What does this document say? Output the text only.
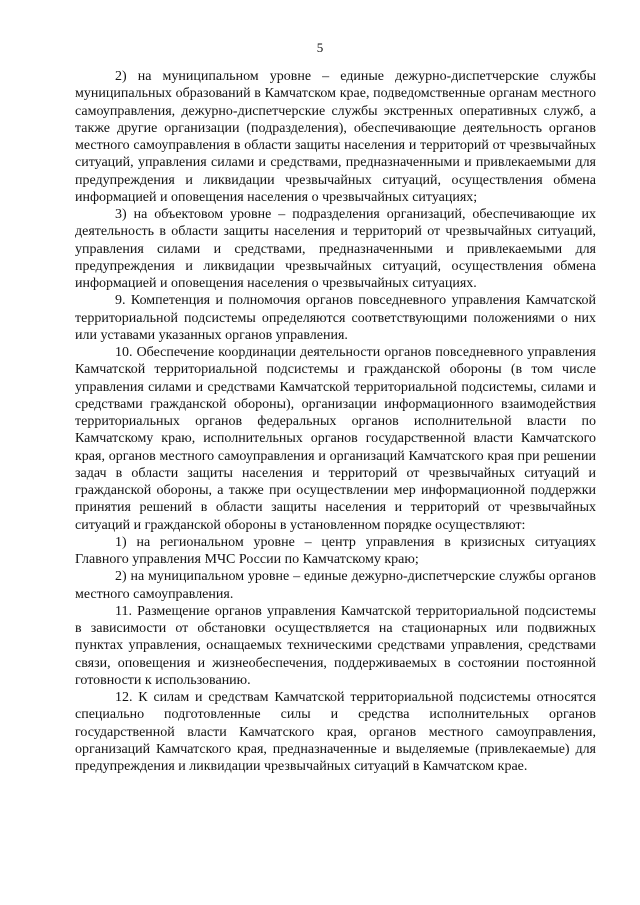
5

2) на муниципальном уровне – единые дежурно-диспетчерские службы муниципальных образований в Камчатском крае, подведомственные органам местного самоуправления, дежурно-диспетчерские службы экстренных оперативных служб, а также другие организации (подразделения), обеспечивающие деятельность органов местного самоуправления в области защиты населения и территорий от чрезвычайных ситуаций, управления силами и средствами, предназначенными и привлекаемыми для предупреждения и ликвидации чрезвычайных ситуаций, осуществления обмена информацией и оповещения населения о чрезвычайных ситуациях;

3) на объектовом уровне – подразделения организаций, обеспечивающие их деятельность в области защиты населения и территорий от чрезвычайных ситуаций, управления силами и средствами, предназначенными и привлекаемыми для предупреждения и ликвидации чрезвычайных ситуаций, осуществления обмена информацией и оповещения населения о чрезвычайных ситуациях.

9. Компетенция и полномочия органов повседневного управления Камчатской территориальной подсистемы определяются соответствующими положениями о них или уставами указанных органов управления.

10. Обеспечение координации деятельности органов повседневного управления Камчатской территориальной подсистемы и гражданской обороны (в том числе управления силами и средствами Камчатской территориальной подсистемы, силами и средствами гражданской обороны), организации информационного взаимодействия территориальных органов федеральных органов исполнительной власти по Камчатскому краю, исполнительных органов государственной власти Камчатского края, органов местного самоуправления и организаций Камчатского края при решении задач в области защиты населения и территорий от чрезвычайных ситуаций и гражданской обороны, а также при осуществлении мер информационной поддержки принятия решений в области защиты населения и территорий от чрезвычайных ситуаций и гражданской обороны в установленном порядке осуществляют:

1) на региональном уровне – центр управления в кризисных ситуациях Главного управления МЧС России по Камчатскому краю;

2) на муниципальном уровне – единые дежурно-диспетчерские службы органов местного самоуправления.

11. Размещение органов управления Камчатской территориальной подсистемы в зависимости от обстановки осуществляется на стационарных или подвижных пунктах управления, оснащаемых техническими средствами управления, средствами связи, оповещения и жизнеобеспечения, поддерживаемых в состоянии постоянной готовности к использованию.

12. К силам и средствам Камчатской территориальной подсистемы относятся специально подготовленные силы и средства исполнительных органов государственной власти Камчатского края, органов местного самоуправления, организаций Камчатского края, предназначенные и выделяемые (привлекаемые) для предупреждения и ликвидации чрезвычайных ситуаций в Камчатском крае.
